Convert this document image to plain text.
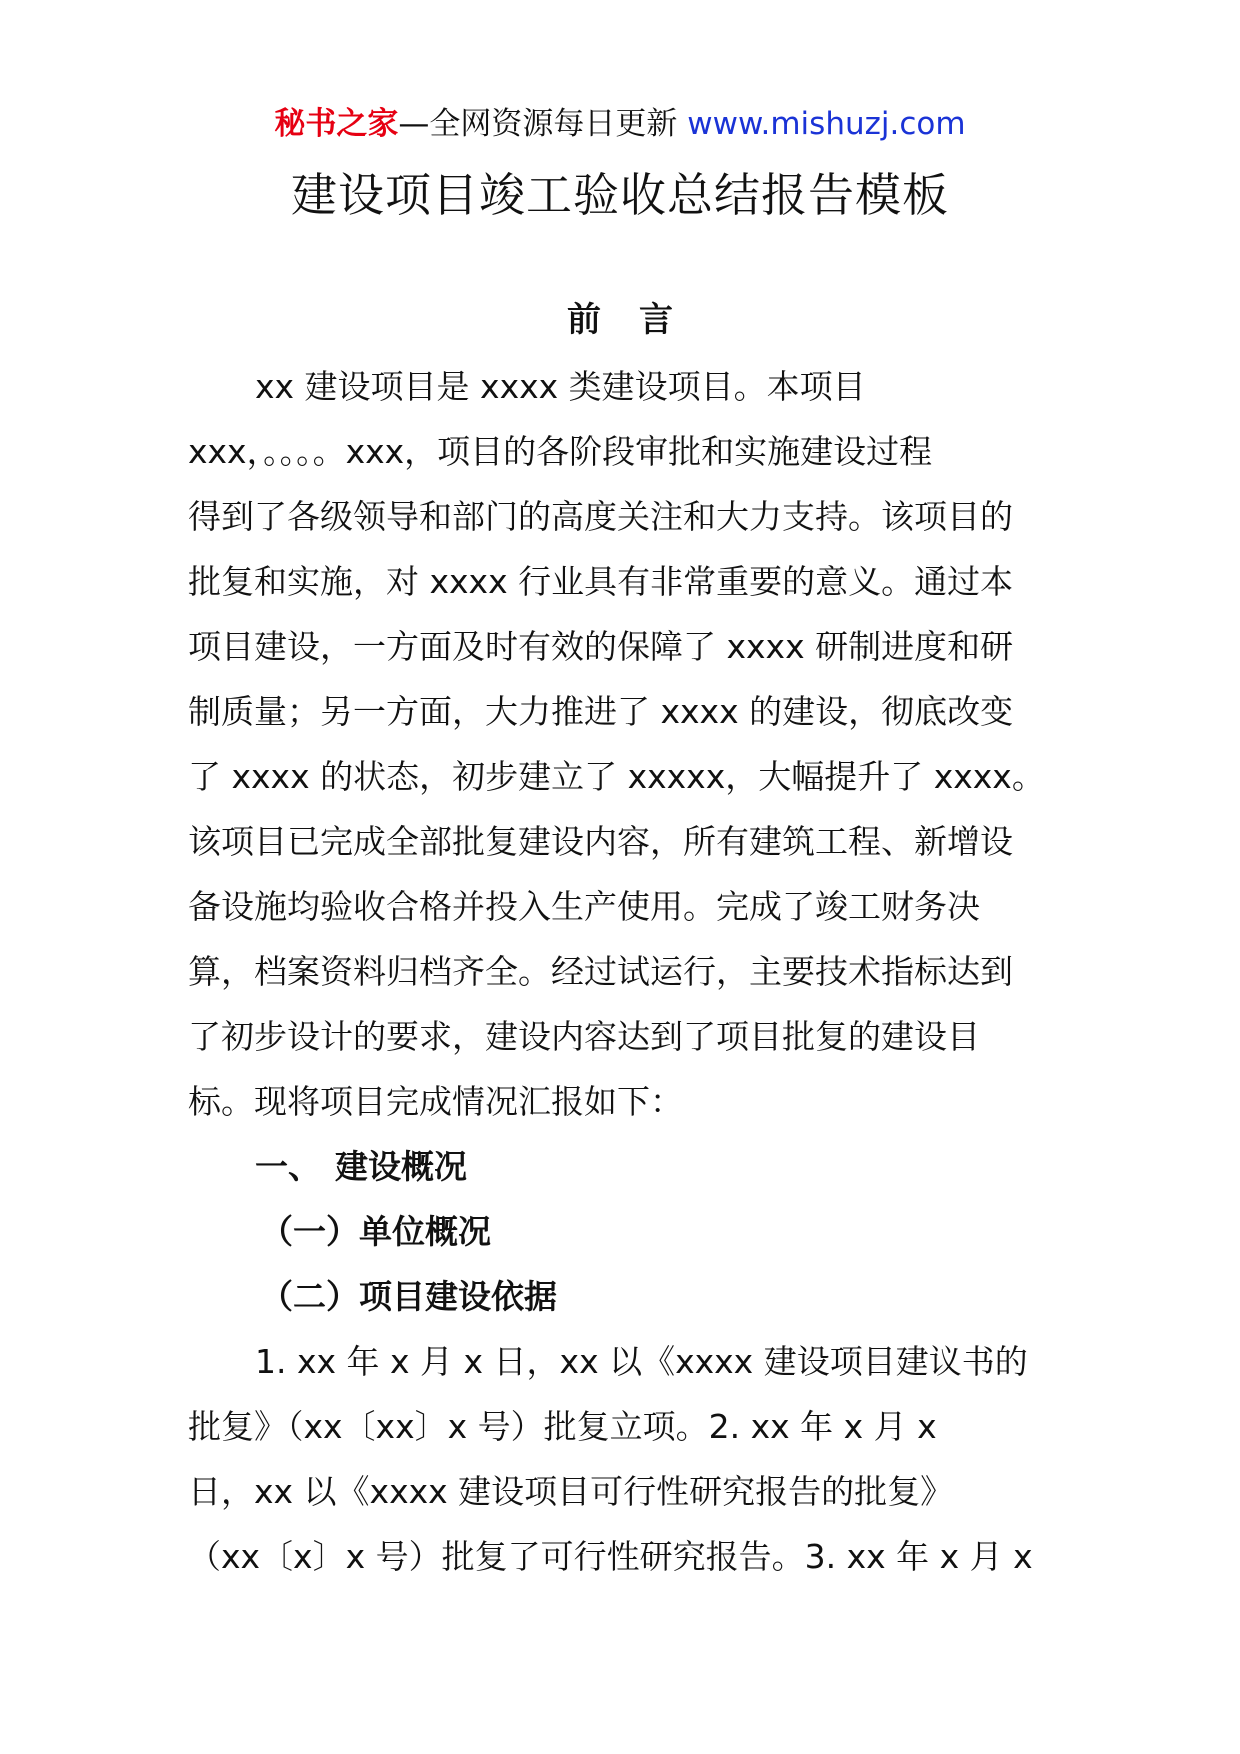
秘书之家—全网资源每日更新 www.mishuzj.com
建设项目竣工验收总结报告模板
前言
xx 建设项目是 xxxx 类建设项目。本项目
xxx，。。。。xxx，项目的各阶段审批和实施建设过程
得到了各级领导和部门的高度关注和大力支持。该项目的
批复和实施，对 xxxx 行业具有非常重要的意义。通过本
项目建设，一方面及时有效的保障了 xxxx 研制进度和研
制质量；另一方面，大力推进了 xxxx 的建设，彻底改变
了 xxxx 的状态，初步建立了 xxxxx，大幅提升了 xxxx。
该项目已完成全部批复建设内容，所有建筑工程、新增设
备设施均验收合格并投入生产使用。完成了竣工财务决
算，档案资料归档齐全。经过试运行，主要技术指标达到
了初步设计的要求，建设内容达到了项目批复的建设目
标。现将项目完成情况汇报如下：
一、 建设概况
（一）单位概况
（二）项目建设依据
1. xx 年 x 月 x 日，xx 以《xxxx 建设项目建议书的
批复》（xx〔xx〕x 号）批复立项。2. xx 年 x 月 x
日，xx 以《xxxx 建设项目可行性研究报告的批复》
（xx〔x〕x 号）批复了可行性研究报告。3. xx 年 x 月 x
